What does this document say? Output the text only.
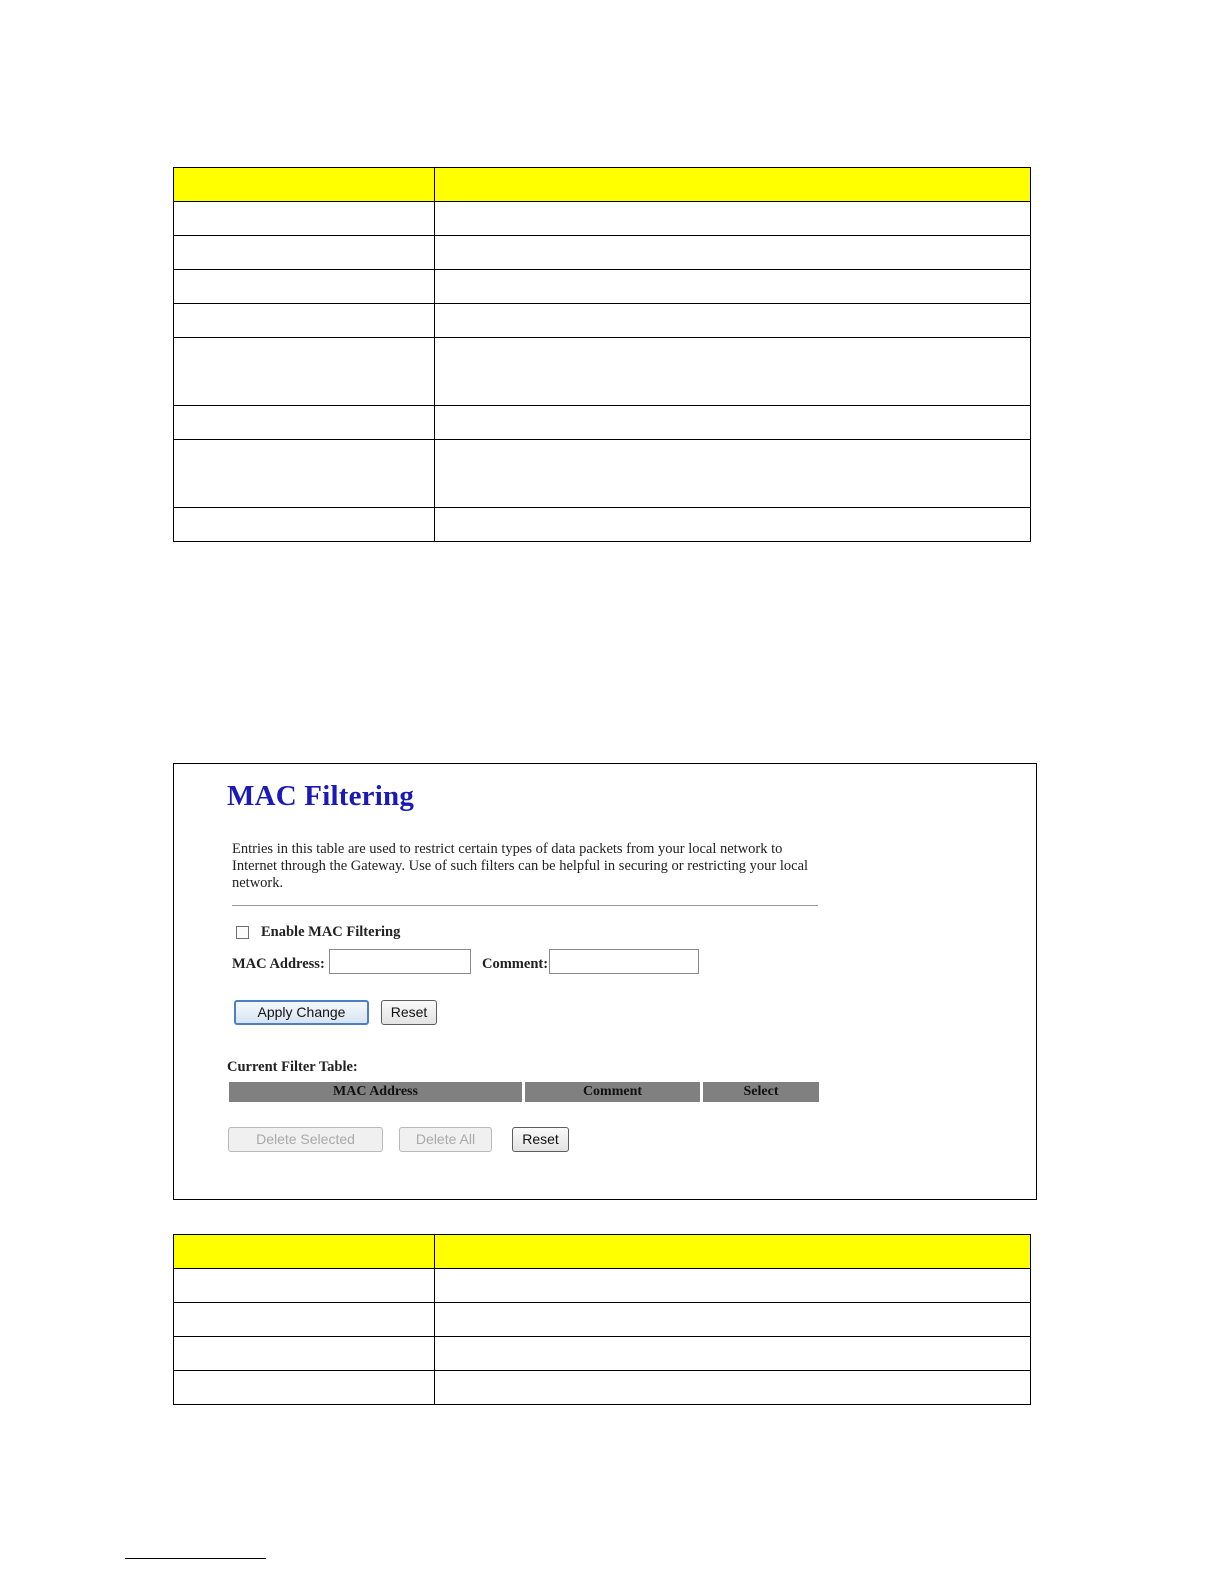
MAC Filtering

Entries in this table are used to restrict certain types of data packets from your local network to Internet through the Gateway. Use of such filters can be helpful in securing or restricting your local network.

Enable MAC Filtering
MAC Address:	Comment:
Apply Change	Reset
Current Filter Table:
MAC Address	Comment	Select
Delete Selected	Delete All	Reset
